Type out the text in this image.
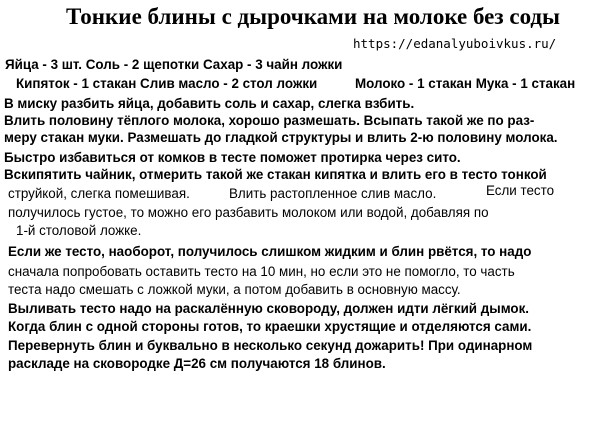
Тонкие блины с дырочками на молоке без соды
https://edanalyuboivkus.ru/
Яйца - 3 шт. Соль - 2 щепотки Сахар - 3 чайн ложки
Кипяток - 1 стакан Слив масло - 2 стол ложки	Молоко - 1 стакан Мука - 1 стакан
В миску разбить яйца, добавить соль и сахар, слегка взбить.
Влить половину тёплого молока, хорошо размешать. Всыпать такой же по раз-
меру стакан муки. Размешать до гладкой структуры и влить 2-ю половину молока.
Быстро избавиться от комков в тесте поможет протирка через сито.
Вскипятить чайник, отмерить такой же стакан кипятка и влить его в тесто тонкой
струйкой, слегка помешивая.	Влить растопленное слив масло.	Если тесто
получилось густое, то можно его разбавить молоком или водой, добавляя по
1-й столовой ложке.
Если же тесто, наоборот, получилось слишком жидким и блин рвётся, то надо
сначала попробовать оставить тесто на 10 мин, но если это не помогло, то часть
теста надо смешать с ложкой муки, а потом добавить в основную массу.
Выливать тесто надо на раскалённую сковороду, должен идти лёгкий дымок.
Когда блин с одной стороны готов, то краешки хрустящие и отделяются сами.
Перевернуть блин и буквально в несколько секунд дожарить! При одинарном
раскладе на сковородке Д=26 см получаются 18 блинов.
